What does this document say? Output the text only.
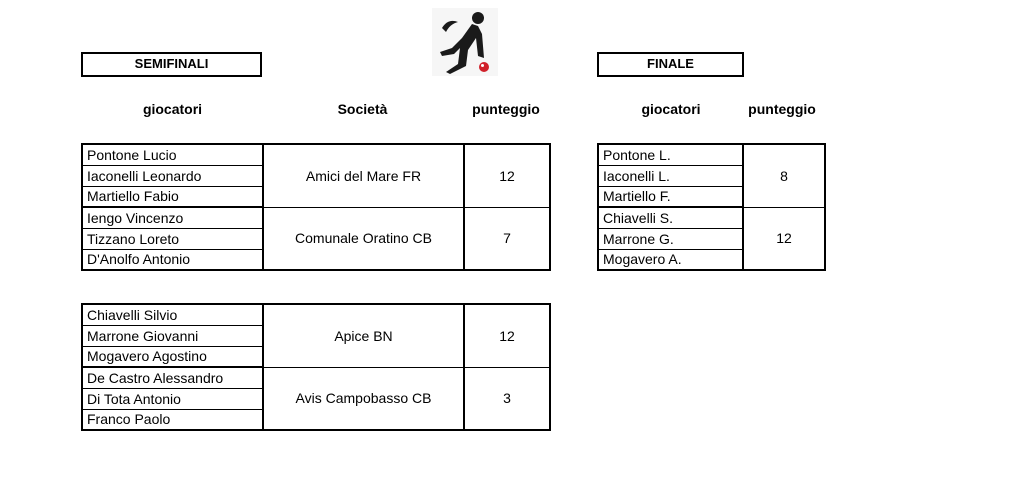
SEMIFINALI	FINALE
giocatori	Società	punteggio	giocatori	punteggio
Pontone Lucio	Amici del Mare FR	12
Iaconelli Leonardo		
Martiello Fabio		
Iengo Vincenzo	Comunale Oratino CB	7
Tizzano Loreto		
D'Anolfo Antonio		
Chiavelli Silvio	Apice BN	12
Marrone Giovanni		
Mogavero Agostino		
De Castro Alessandro	Avis Campobasso CB	3
Di Tota Antonio		
Franco Paolo		
Pontone L.	8
Iaconelli L.	
Martiello F.	
Chiavelli S.	12
Marrone G.	
Mogavero A.	
